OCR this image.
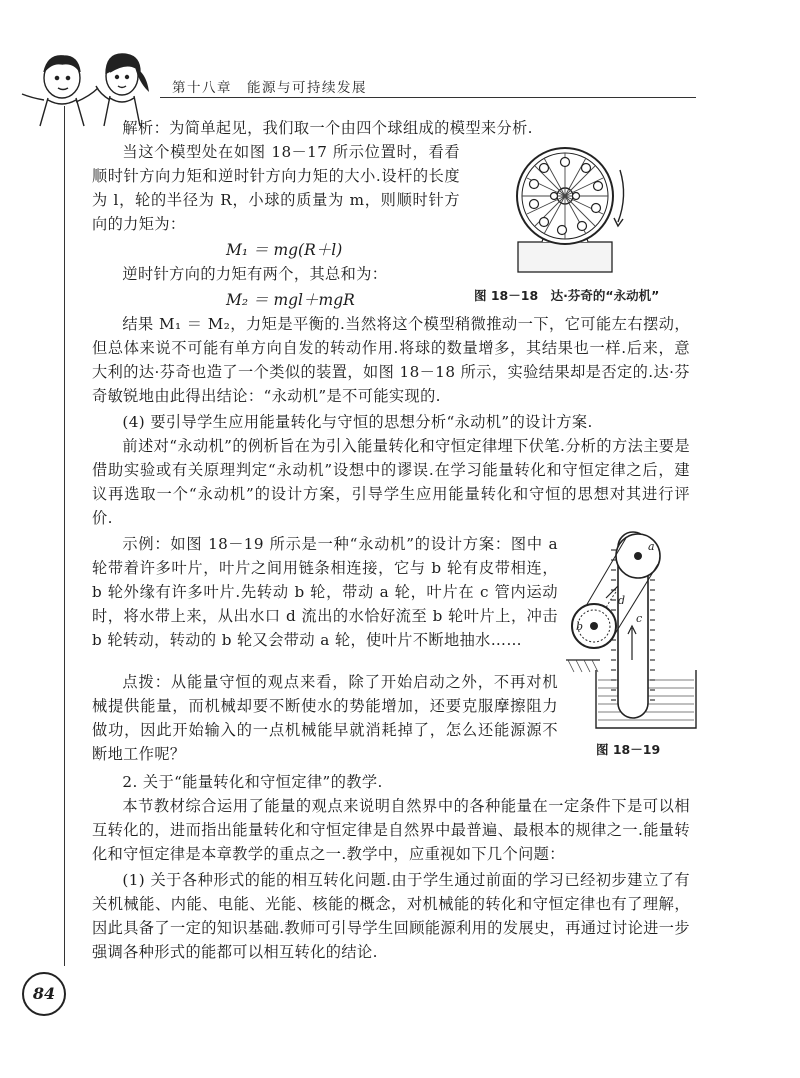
第十八章　能源与可持续发展

解析：为简单起见，我们取一个由四个球组成的模型来分析.

当这个模型处在如图 18－17 所示位置时，看看顺时针方向力矩和逆时针方向力矩的大小.设杆的长度为 l，轮的半径为 R，小球的质量为 m，则顺时针方向的力矩为：

M₁ ＝ mg(R＋l)

逆时针方向的力矩有两个，其总和为：

M₂ ＝ mgl＋mgR

结果 M₁ ＝ M₂，力矩是平衡的.当然将这个模型稍微推动一下，它可能左右摆动，但总体来说不可能有单方向自发的转动作用.将球的数量增多，其结果也一样.后来，意大利的达·芬奇也造了一个类似的装置，如图 18－18 所示，实验结果却是否定的.达·芬奇敏锐地由此得出结论：“永动机”是不可能实现的.

(4) 要引导学生应用能量转化与守恒的思想分析“永动机”的设计方案.

前述对“永动机”的例析旨在为引入能量转化和守恒定律埋下伏笔.分析的方法主要是借助实验或有关原理判定“永动机”设想中的谬误.在学习能量转化和守恒定律之后，建议再选取一个“永动机”的设计方案，引导学生应用能量转化和守恒的思想对其进行评价.

示例：如图 18－19 所示是一种“永动机”的设计方案：图中 a 轮带着许多叶片，叶片之间用链条相连接，它与 b 轮有皮带相连，b 轮外缘有许多叶片.先转动 b 轮，带动 a 轮，叶片在 c 管内运动时，将水带上来，从出水口 d 流出的水恰好流至 b 轮叶片上，冲击 b 轮转动，转动的 b 轮又会带动 a 轮，使叶片不断地抽水……

点拨：从能量守恒的观点来看，除了开始启动之外，不再对机械提供能量，而机械却要不断使水的势能增加，还要克服摩擦阻力做功，因此开始输入的一点机械能早就消耗掉了，怎么还能源源不断地工作呢？

2. 关于“能量转化和守恒定律”的教学.

本节教材综合运用了能量的观点来说明自然界中的各种能量在一定条件下是可以相互转化的，进而指出能量转化和守恒定律是自然界中最普遍、最根本的规律之一.能量转化和守恒定律是本章教学的重点之一.教学中，应重视如下几个问题：

(1) 关于各种形式的能的相互转化问题.由于学生通过前面的学习已经初步建立了有关机械能、内能、电能、光能、核能的概念，对机械能的转化和守恒定律也有了理解，因此具备了一定的知识基础.教师可引导学生回顾能源利用的发展史，再通过讨论进一步强调各种形式的能都可以相互转化的结论.

图 18－18　达·芬奇的“永动机”
a
b
c
d
图 18－19
84
